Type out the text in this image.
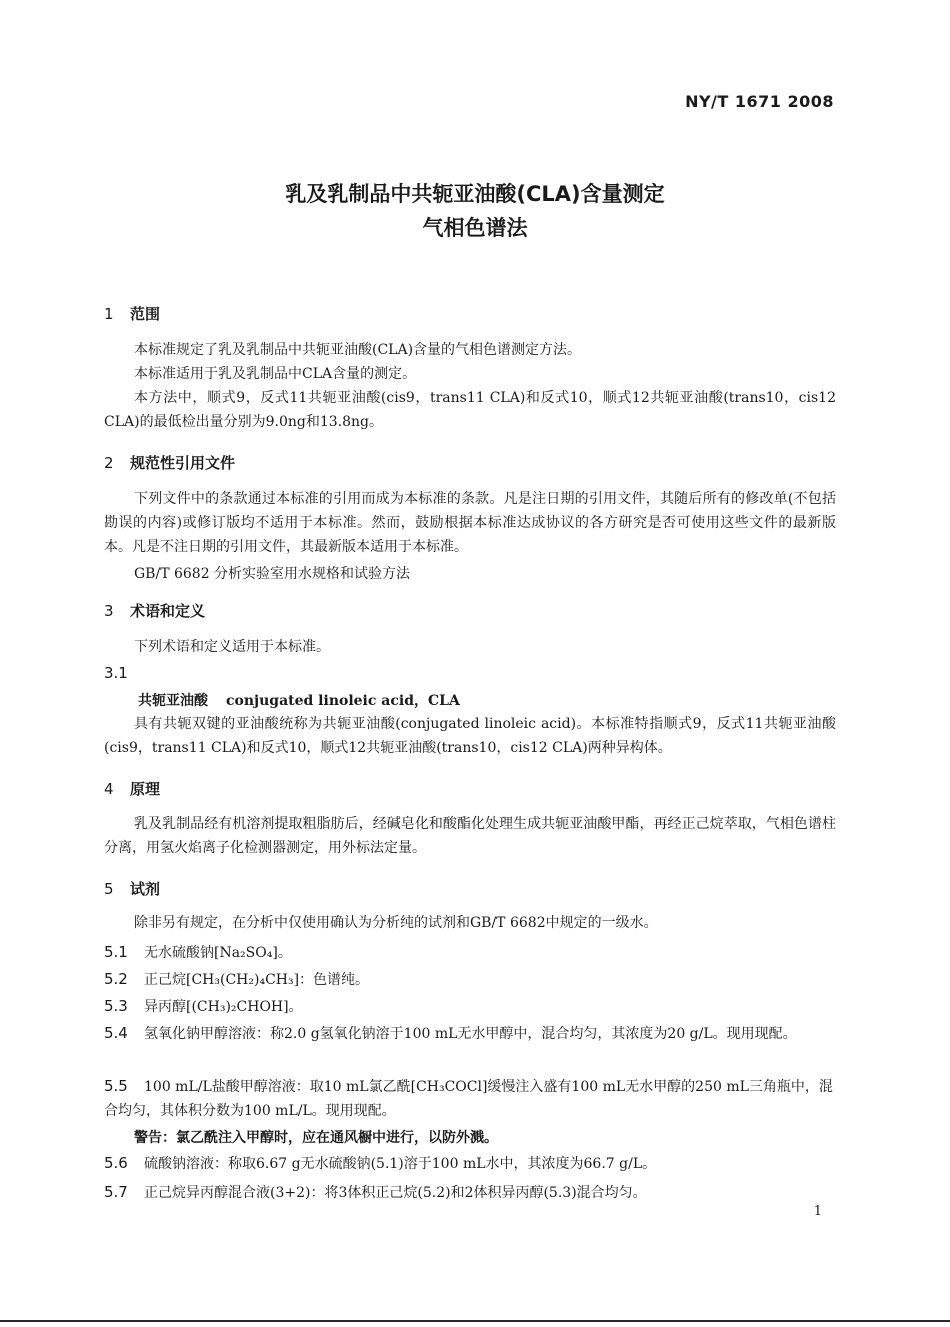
NY/T 1671 2008
乳及乳制品中共轭亚油酸(CLA)含量测定
气相色谱法
1 范围
本标准规定了乳及乳制品中共轭亚油酸(CLA)含量的气相色谱测定方法。
本标准适用于乳及乳制品中CLA含量的测定。
本方法中，顺式9，反式11共轭亚油酸(cis9，trans11 CLA)和反式10，顺式12共轭亚油酸(trans10，cis12 CLA)的最低检出量分别为9.0ng和13.8ng。
2 规范性引用文件
下列文件中的条款通过本标准的引用而成为本标准的条款。凡是注日期的引用文件，其随后所有的修改单(不包括勘误的内容)或修订版均不适用于本标准。然而，鼓励根据本标准达成协议的各方研究是否可使用这些文件的最新版本。凡是不注日期的引用文件，其最新版本适用于本标准。
GB/T 6682 分析实验室用水规格和试验方法
3 术语和定义
下列术语和定义适用于本标准。
3.1
共轭亚油酸 conjugated linoleic acid，CLA
具有共轭双键的亚油酸统称为共轭亚油酸(conjugated linoleic acid)。本标准特指顺式9，反式11共轭亚油酸(cis9，trans11 CLA)和反式10，顺式12共轭亚油酸(trans10，cis12 CLA)两种异构体。
4 原理
乳及乳制品经有机溶剂提取粗脂肪后，经碱皂化和酸酯化处理生成共轭亚油酸甲酯，再经正己烷萃取，气相色谱柱分离，用氢火焰离子化检测器测定，用外标法定量。
5 试剂
除非另有规定，在分析中仅使用确认为分析纯的试剂和GB/T 6682中规定的一级水。
5.1 无水硫酸钠[Na₂SO₄]。
5.2 正己烷[CH₃(CH₂)₄CH₃]：色谱纯。
5.3 异丙醇[(CH₃)₂CHOH]。
5.4 氢氧化钠甲醇溶液：称2.0 g氢氧化钠溶于100 mL无水甲醇中，混合均匀，其浓度为20 g/L。现用现配。
5.5 100 mL/L盐酸甲醇溶液：取10 mL氯乙酰[CH₃COCl]缓慢注入盛有100 mL无水甲醇的250 mL三角瓶中，混合均匀，其体积分数为100 mL/L。现用现配。
警告：氯乙酰注入甲醇时，应在通风橱中进行，以防外溅。
5.6 硫酸钠溶液：称取6.67 g无水硫酸钠(5.1)溶于100 mL水中，其浓度为66.7 g/L。
5.7 正己烷异丙醇混合液(3+2)：将3体积正己烷(5.2)和2体积异丙醇(5.3)混合均匀。
1
